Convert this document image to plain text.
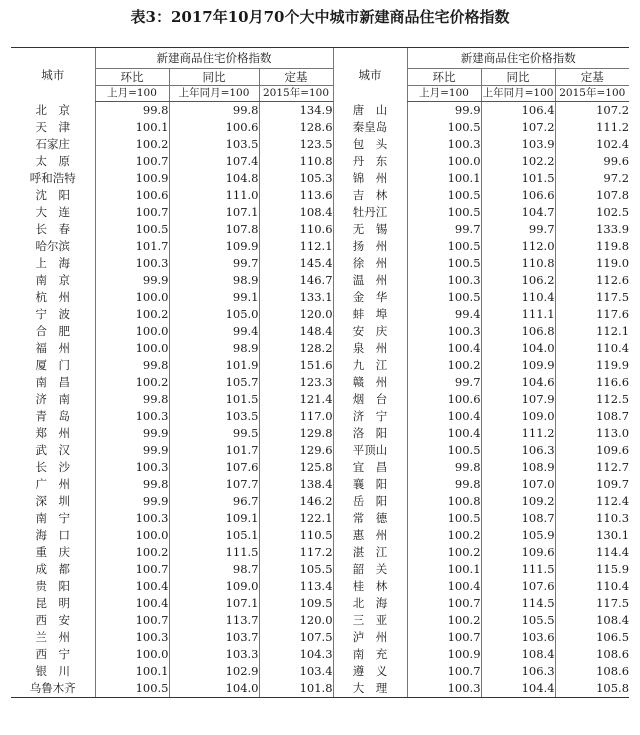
表3：2017年10月70个大中城市新建商品住宅价格指数
城市	新建商品住宅价格指数			城市	新建商品住宅价格指数		
	环比	同比	定基		环比	同比	定基
	上月=100	上年同月=100	2015年=100		上月=100	上年同月=100	2015年=100
北　京	99.8	99.8	134.9	唐　山	99.9	106.4	107.2
天　津	100.1	100.6	128.6	秦皇岛	100.5	107.2	111.2
石家庄	100.2	103.5	123.5	包　头	100.3	103.9	102.4
太　原	100.7	107.4	110.8	丹　东	100.0	102.2	99.6
呼和浩特	100.9	104.8	105.3	锦　州	100.1	101.5	97.2
沈　阳	100.6	111.0	113.6	吉　林	100.5	106.6	107.8
大　连	100.7	107.1	108.4	牡丹江	100.5	104.7	102.5
长　春	100.5	107.8	110.6	无　锡	99.7	99.7	133.9
哈尔滨	101.7	109.9	112.1	扬　州	100.5	112.0	119.8
上　海	100.3	99.7	145.4	徐　州	100.5	110.8	119.0
南　京	99.9	98.9	146.7	温　州	100.3	106.2	112.6
杭　州	100.0	99.1	133.1	金　华	100.5	110.4	117.5
宁　波	100.2	105.0	120.0	蚌　埠	99.4	111.1	117.6
合　肥	100.0	99.4	148.4	安　庆	100.3	106.8	112.1
福　州	100.0	98.9	128.2	泉　州	100.4	104.0	110.4
厦　门	99.8	101.9	151.6	九　江	100.2	109.9	119.9
南　昌	100.2	105.7	123.3	赣　州	99.7	104.6	116.6
济　南	99.8	101.5	121.4	烟　台	100.6	107.9	112.5
青　岛	100.3	103.5	117.0	济　宁	100.4	109.0	108.7
郑　州	99.9	99.5	129.8	洛　阳	100.4	111.2	113.0
武　汉	99.9	101.7	129.6	平顶山	100.5	106.3	109.6
长　沙	100.3	107.6	125.8	宜　昌	99.8	108.9	112.7
广　州	99.8	107.7	138.4	襄　阳	99.8	107.0	109.7
深　圳	99.9	96.7	146.2	岳　阳	100.8	109.2	112.4
南　宁	100.3	109.1	122.1	常　德	100.5	108.7	110.3
海　口	100.0	105.1	110.5	惠　州	100.2	105.9	130.1
重　庆	100.2	111.5	117.2	湛　江	100.2	109.6	114.4
成　都	100.7	98.7	105.5	韶　关	100.1	111.5	115.9
贵　阳	100.4	109.0	113.4	桂　林	100.4	107.6	110.4
昆　明	100.4	107.1	109.5	北　海	100.7	114.5	117.5
西　安	100.7	113.7	120.0	三　亚	100.2	105.5	108.4
兰　州	100.3	103.7	107.5	泸　州	100.7	103.6	106.5
西　宁	100.0	103.3	104.3	南　充	100.9	108.4	108.6
银　川	100.1	102.9	103.4	遵　义	100.7	106.3	108.6
乌鲁木齐	100.5	104.0	101.8	大　理	100.3	104.4	105.8
